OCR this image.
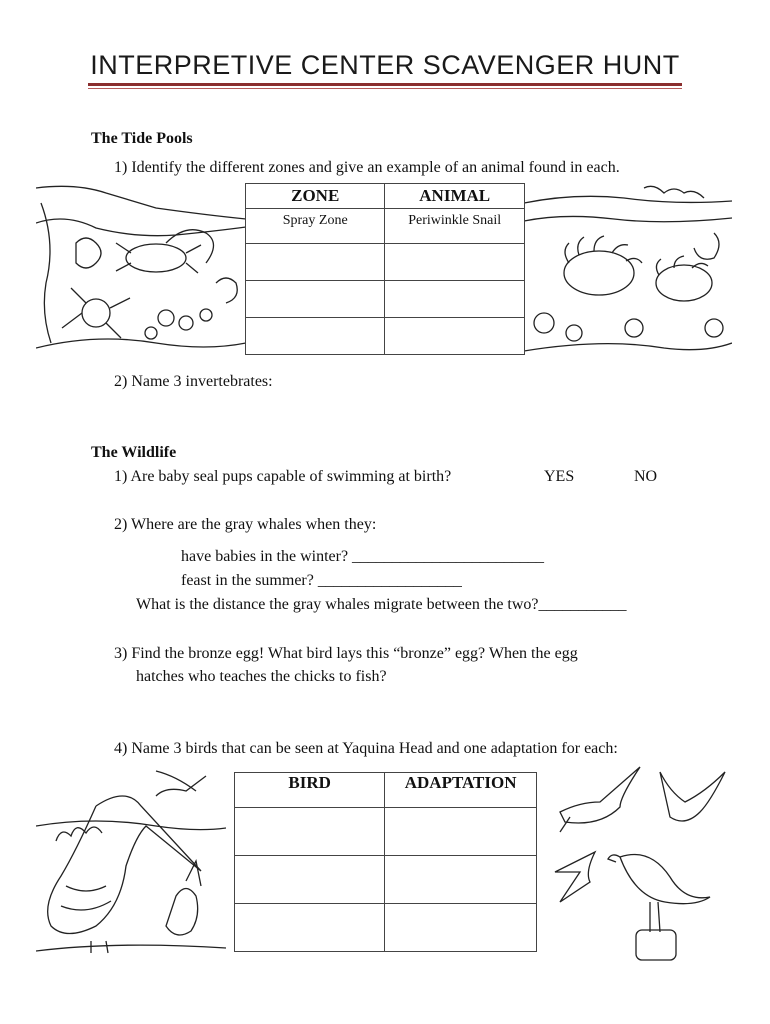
INTERPRETIVE CENTER SCAVENGER HUNT
The Tide Pools
1) Identify the different zones and give an example of an animal found in each.
ZONE	ANIMAL
Spray Zone	Periwinkle Snail

2) Name 3 invertebrates:
The Wildlife
1) Are baby seal pups capable of swimming at birth?	YES	NO
2) Where are the gray whales when they:
have babies in the winter? ________________________
feast in the summer? __________________
What is the distance the gray whales migrate between the two?___________
3) Find the bronze egg! What bird lays this “bronze” egg? When the egg
hatches who teaches the chicks to fish?
4) Name 3 birds that can be seen at Yaquina Head and one adaptation for each:
BIRD	ADAPTATION
